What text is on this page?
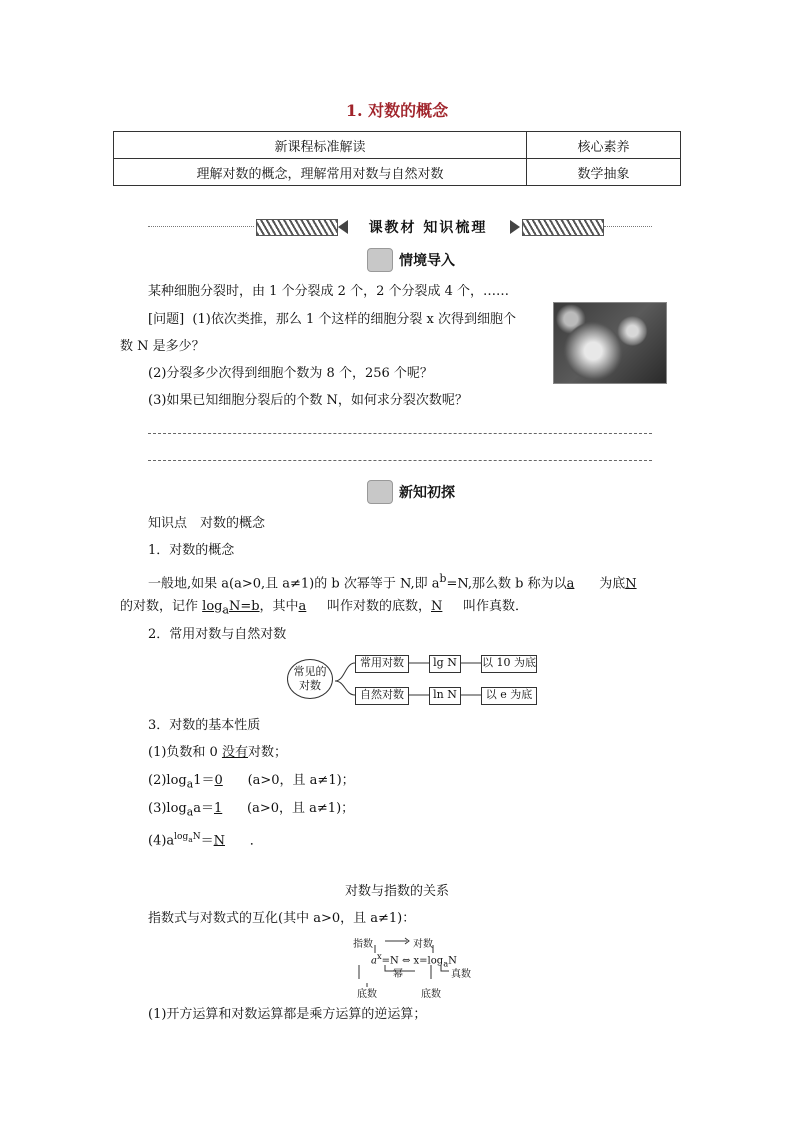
1. 对数的概念
新课程标准解读	核心素养
理解对数的概念，理解常用对数与自然对数	数学抽象
课教材 知识梳理
情境导入

某种细胞分裂时，由 1 个分裂成 2 个，2 个分裂成 4 个，……

[问题] (1)依次类推，那么 1 个这样的细胞分裂 x 次得到细胞个

数 N 是多少？

(2)分裂多少次得到细胞个数为 8 个，256 个呢？

(3)如果已知细胞分裂后的个数 N，如何求分裂次数呢？

新知初探

知识点　对数的概念

1．对数的概念

一般地,如果 a(a>0,且 a≠1)的 b 次幂等于 N,即 $a^b=N$,那么数 b 称为以a 为底N

的对数，记作 $\log_aN=b$，其中a 叫作对数的底数，N 叫作真数．

2．常用对数与自然对数

常见的
对数
常用对数	lg N	以 10 为底
自然对数	ln N	以 e 为底

3．对数的基本性质

(1)负数和 0 没有对数；

$(2)\log_a1=0$ (a>0，且 a≠1)；

$(3)\log_aa=1$ (a>0，且 a≠1)；

$(4)a^{log_aN}=N$ ．

对数与指数的关系

指数式与对数式的互化(其中 a>0，且 a≠1)：

指数	对数
$a^x=N$ ⇔ $x=\log_aN$
幂	真数
底数	底数

(1)开方运算和对数运算都是乘方运算的逆运算；
